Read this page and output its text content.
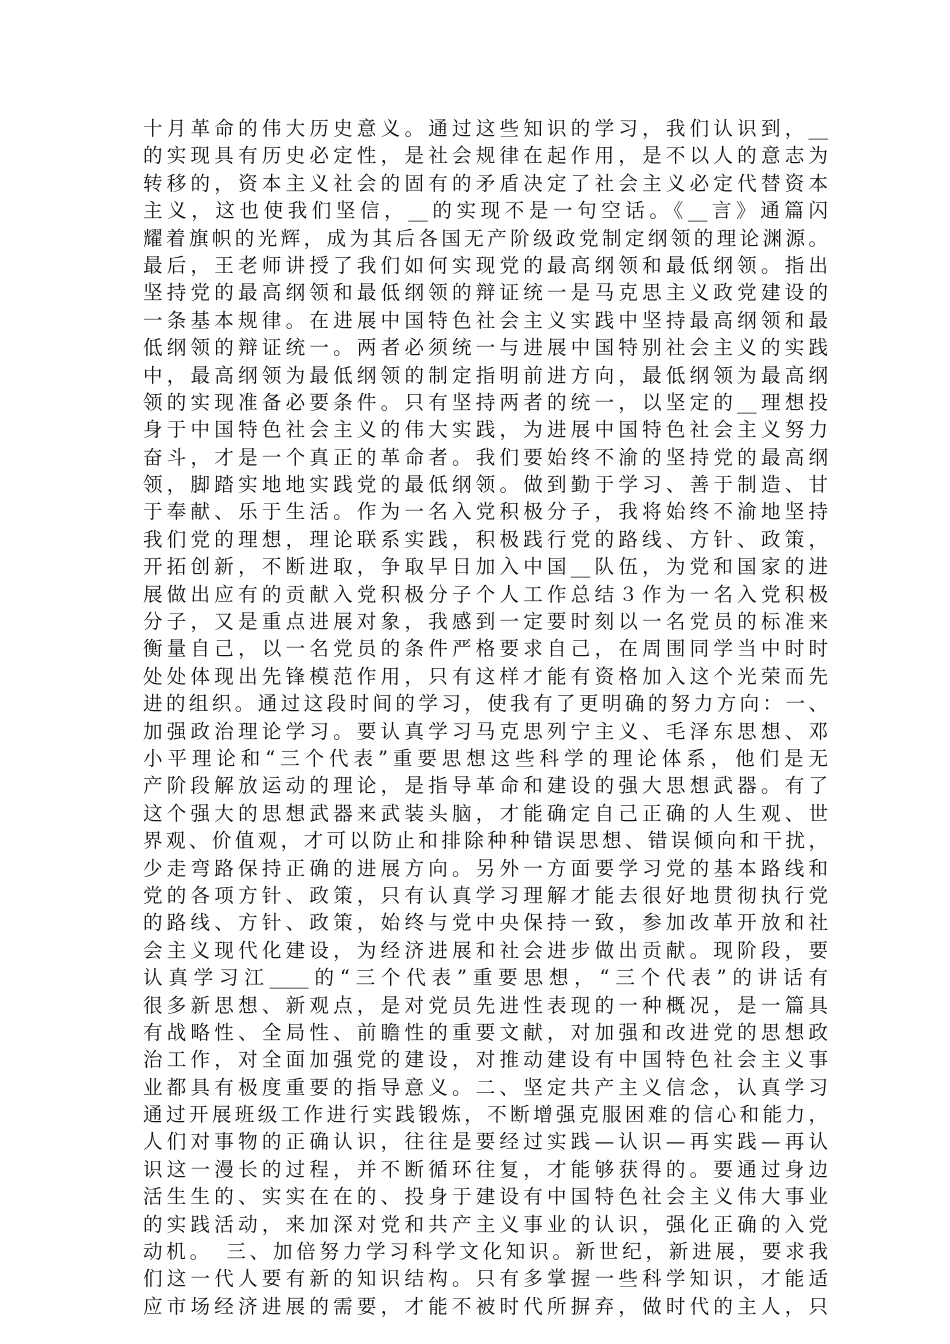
十月革命的伟大历史意义。通过这些知识的学习，我们认识到，__
的实现具有历史必定性，是社会规律在起作用，是不以人的意志为
转移的，资本主义社会的固有的矛盾决定了社会主义必定代替资本
主义，这也使我们坚信，__的实现不是一句空话。《__言》通篇闪
耀着旗帜的光辉，成为其后各国无产阶级政党制定纲领的理论渊源。
最后，王老师讲授了我们如何实现党的最高纲领和最低纲领。指出
坚持党的最高纲领和最低纲领的辩证统一是马克思主义政党建设的
一条基本规律。在进展中国特色社会主义实践中坚持最高纲领和最
低纲领的辩证统一。两者必须统一与进展中国特别社会主义的实践
中，最高纲领为最低纲领的制定指明前进方向，最低纲领为最高纲
领的实现准备必要条件。只有坚持两者的统一，以坚定的__理想投
身于中国特色社会主义的伟大实践，为进展中国特色社会主义努力
奋斗，才是一个真正的革命者。我们要始终不渝的坚持党的最高纲
领，脚踏实地地实践党的最低纲领。做到勤于学习、善于制造、甘
于奉献、乐于生活。作为一名入党积极分子，我将始终不渝地坚持
我们党的理想，理论联系实践，积极践行党的路线、方针、政策，
开拓创新，不断进取，争取早日加入中国__队伍，为党和国家的进
展做出应有的贡献入党积极分子个人工作总结３作为一名入党积极
分子，又是重点进展对象，我感到一定要时刻以一名党员的标准来
衡量自己，以一名党员的条件严格要求自己，在周围同学当中时时
处处体现出先锋模范作用，只有这样才能有资格加入这个光荣而先
进的组织。通过这段时间的学习，使我有了更明确的努力方向：一、
加强政治理论学习。要认真学习马克思列宁主义、毛泽东思想、邓
小平理论和“三个代表”重要思想这些科学的理论体系，他们是无
产阶段解放运动的理论，是指导革命和建设的强大思想武器。有了
这个强大的思想武器来武装头脑，才能确定自己正确的人生观、世
界观、价值观，才可以防止和排除种种错误思想、错误倾向和干扰，
少走弯路保持正确的进展方向。另外一方面要学习党的基本路线和
党的各项方针、政策，只有认真学习理解才能去很好地贯彻执行党
的路线、方针、政策，始终与党中央保持一致，参加改革开放和社
会主义现代化建设，为经济进展和社会进步做出贡献。现阶段，要
认真学习江____的“三个代表”重要思想，“三个代表”的讲话有
很多新思想、新观点，是对党员先进性表现的一种概况，是一篇具
有战略性、全局性、前瞻性的重要文献，对加强和改进党的思想政
治工作，对全面加强党的建设，对推动建设有中国特色社会主义事
业都具有极度重要的指导意义。二、坚定共产主义信念，认真学习
通过开展班级工作进行实践锻炼，不断增强克服困难的信心和能力，
人们对事物的正确认识，往往是要经过实践—认识—再实践—再认
识这一漫长的过程，并不断循环往复，才能够获得的。要通过身边
活生生的、实实在在的、投身于建设有中国特色社会主义伟大事业
的实践活动，来加深对党和共产主义事业的认识，强化正确的入党
动机。　三、加倍努力学习科学文化知识。新世纪，新进展，要求我
们这一代人要有新的知识结构。只有多掌握一些科学知识，才能适
应市场经济进展的需要，才能不被时代所摒弃，做时代的主人，只
